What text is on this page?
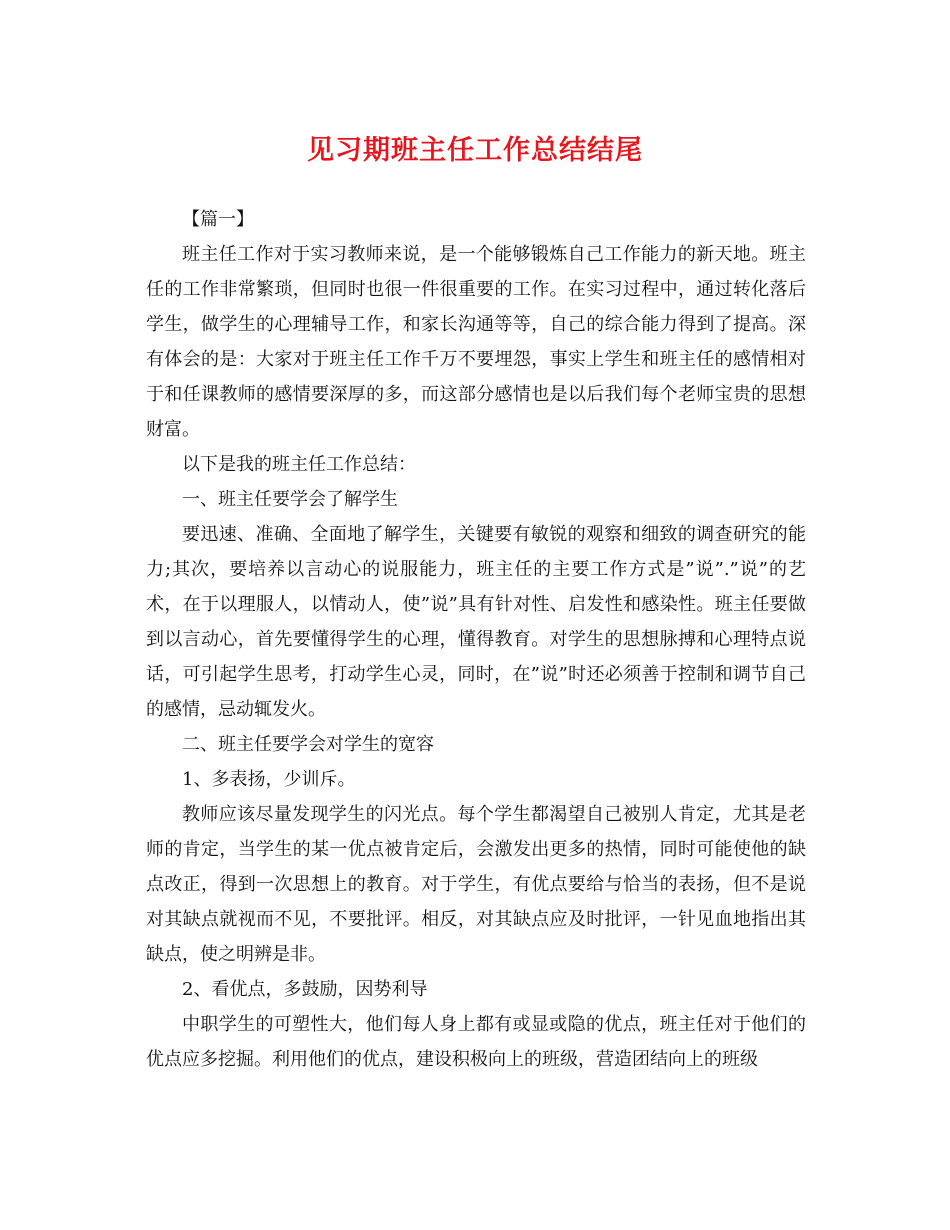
见习期班主任工作总结结尾

【篇一】

班主任工作对于实习教师来说，是一个能够锻炼自己工作能力的新天地。班主任的工作非常繁琐，但同时也很一件很重要的工作。在实习过程中，通过转化落后学生，做学生的心理辅导工作，和家长沟通等等，自己的综合能力得到了提高。深有体会的是：大家对于班主任工作千万不要埋怨，事实上学生和班主任的感情相对于和任课教师的感情要深厚的多，而这部分感情也是以后我们每个老师宝贵的思想财富。

以下是我的班主任工作总结：

一、班主任要学会了解学生

要迅速、准确、全面地了解学生，关键要有敏锐的观察和细致的调查研究的能力;其次，要培养以言动心的说服能力，班主任的主要工作方式是”说”.”说”的艺术，在于以理服人，以情动人，使”说”具有针对性、启发性和感染性。班主任要做到以言动心，首先要懂得学生的心理，懂得教育。对学生的思想脉搏和心理特点说话，可引起学生思考，打动学生心灵，同时，在”说”时还必须善于控制和调节自己的感情，忌动辄发火。

二、班主任要学会对学生的宽容

1、多表扬，少训斥。

教师应该尽量发现学生的闪光点。每个学生都渴望自己被别人肯定，尤其是老师的肯定，当学生的某一优点被肯定后，会激发出更多的热情，同时可能使他的缺点改正，得到一次思想上的教育。对于学生，有优点要给与恰当的表扬，但不是说对其缺点就视而不见，不要批评。相反，对其缺点应及时批评，一针见血地指出其缺点，使之明辨是非。

2、看优点，多鼓励，因势利导

中职学生的可塑性大，他们每人身上都有或显或隐的优点，班主任对于他们的优点应多挖掘。利用他们的优点，建设积极向上的班级，营造团结向上的班级
